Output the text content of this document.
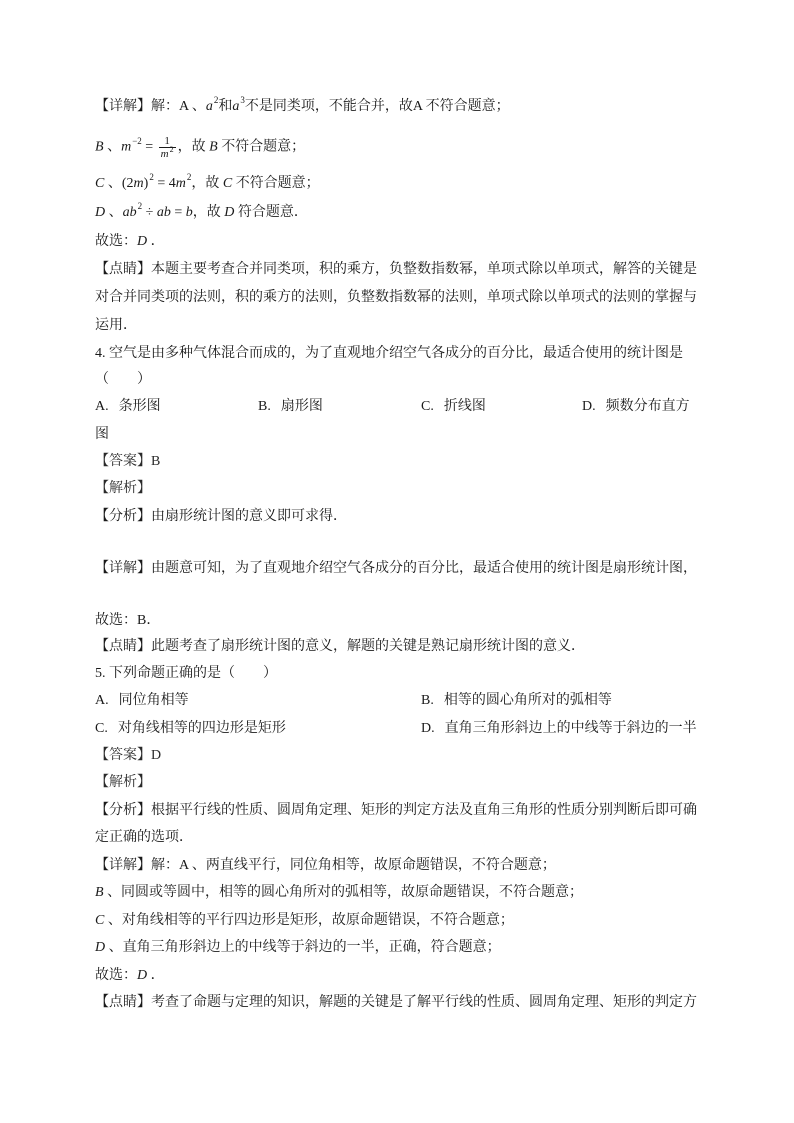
【详解】解：A 、$a^2$和$a^3$不是同类项，不能合并，故A 不符合题意；
B 、$m^{-2} = \frac{1}{m^2}$ ，故 B 不符合题意；
C 、$(2m)^2 = 4m^2$，故 C 不符合题意；
D 、$ab^2$ ÷ ab = b，故 D 符合题意．
故选：D ．
【点睛】本题主要考查合并同类项，积的乘方，负整数指数幂，单项式除以单项式，解答的关键是
对合并同类项的法则，积的乘方的法则，负整数指数幂的法则，单项式除以单项式的法则的掌握与
运用．
4. 空气是由多种气体混合而成的，为了直观地介绍空气各成分的百分比，最适合使用的统计图是
（　　）
A. 条形图	B. 扇形图	C. 折线图	D. 频数分布直方
图
【答案】B
【解析】
【分析】由扇形统计图的意义即可求得．
【详解】由题意可知，为了直观地介绍空气各成分的百分比，最适合使用的统计图是扇形统计图，
故选：B．
【点睛】此题考查了扇形统计图的意义，解题的关键是熟记扇形统计图的意义．
5. 下列命题正确的是（　　）
A. 同位角相等	B. 相等的圆心角所对的弧相等
C. 对角线相等的四边形是矩形	D. 直角三角形斜边上的中线等于斜边的一半
【答案】D
【解析】
【分析】根据平行线的性质、圆周角定理、矩形的判定方法及直角三角形的性质分别判断后即可确
定正确的选项．
【详解】解：A 、两直线平行，同位角相等，故原命题错误，不符合题意；
B 、同圆或等圆中，相等的圆心角所对的弧相等，故原命题错误，不符合题意；
C 、对角线相等的平行四边形是矩形，故原命题错误，不符合题意；
D 、直角三角形斜边上的中线等于斜边的一半，正确，符合题意；
故选：D ．
【点睛】考查了命题与定理的知识，解题的关键是了解平行线的性质、圆周角定理、矩形的判定方
